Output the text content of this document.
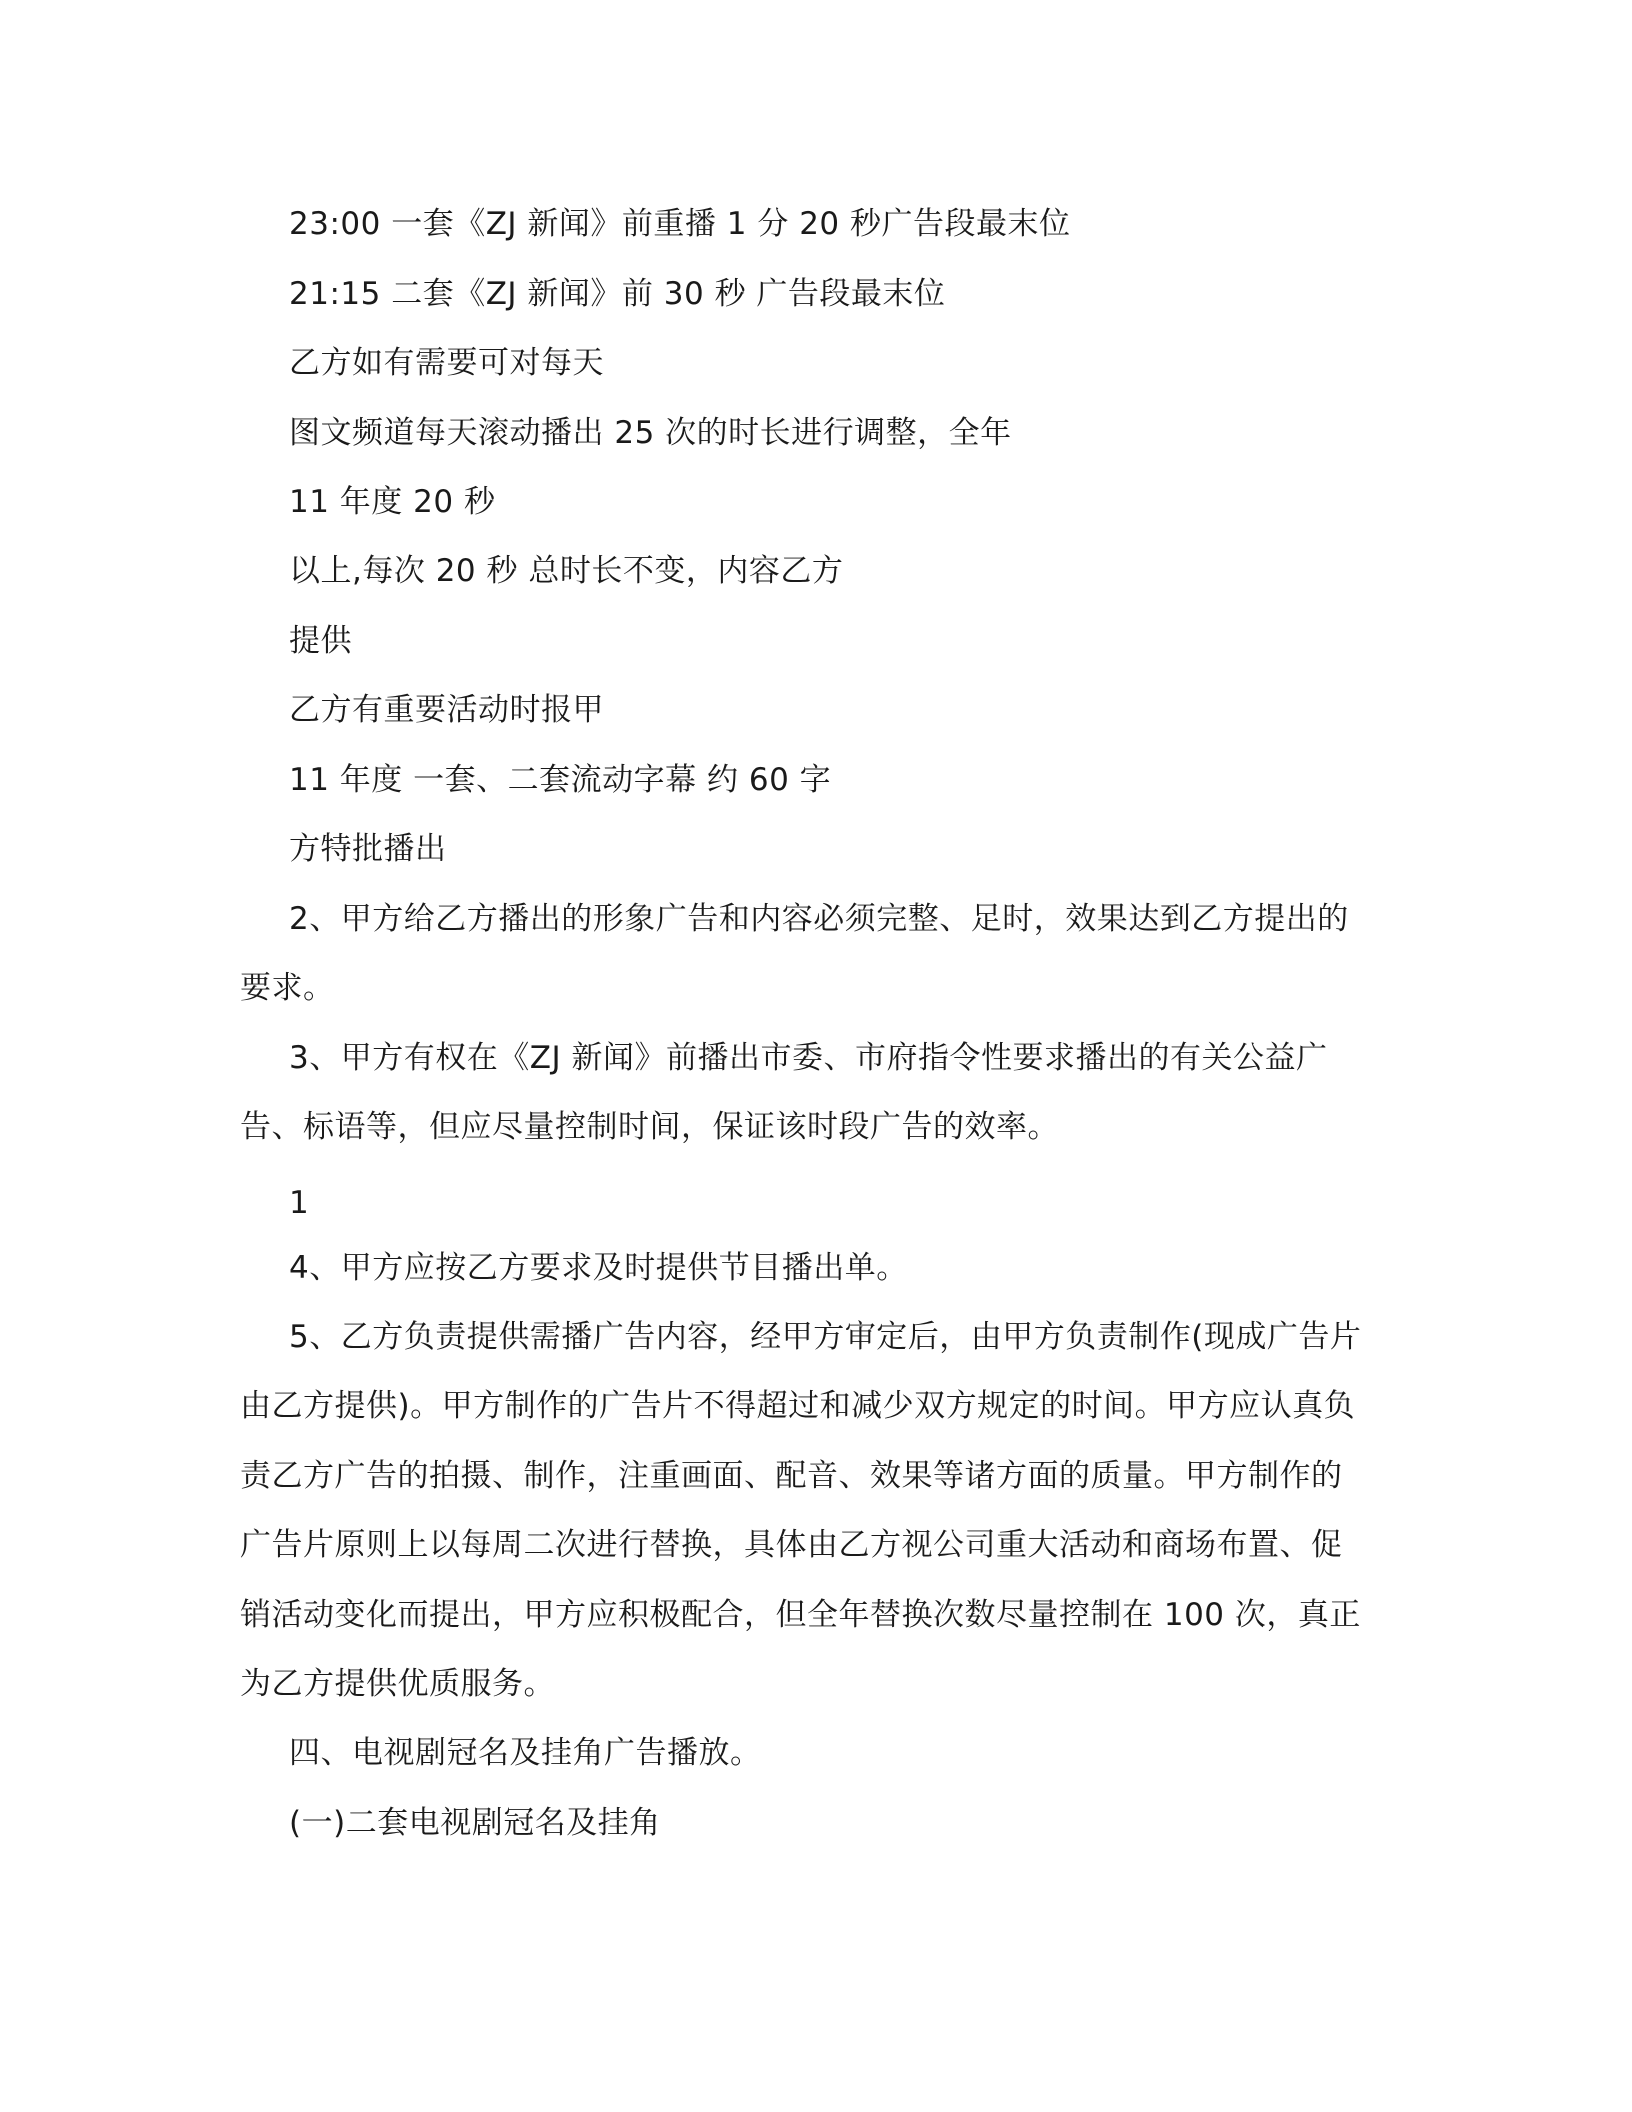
23:00 一套《ZJ 新闻》前重播 1 分 20 秒广告段最末位
21:15 二套《ZJ 新闻》前 30 秒 广告段最末位
乙方如有需要可对每天
图文频道每天滚动播出 25 次的时长进行调整，全年
11 年度 20 秒
以上,每次 20 秒 总时长不变，内容乙方
提供
乙方有重要活动时报甲
11 年度 一套、二套流动字幕 约 60 字
方特批播出
2、甲方给乙方播出的形象广告和内容必须完整、足时，效果达到乙方提出的
要求。
3、甲方有权在《ZJ 新闻》前播出市委、市府指令性要求播出的有关公益广
告、标语等，但应尽量控制时间，保证该时段广告的效率。
1
4、甲方应按乙方要求及时提供节目播出单。
5、乙方负责提供需播广告内容，经甲方审定后，由甲方负责制作(现成广告片
由乙方提供)。甲方制作的广告片不得超过和减少双方规定的时间。甲方应认真负
责乙方广告的拍摄、制作，注重画面、配音、效果等诸方面的质量。甲方制作的
广告片原则上以每周二次进行替换，具体由乙方视公司重大活动和商场布置、促
销活动变化而提出，甲方应积极配合，但全年替换次数尽量控制在 100 次，真正
为乙方提供优质服务。
四、电视剧冠名及挂角广告播放。
(一)二套电视剧冠名及挂角
